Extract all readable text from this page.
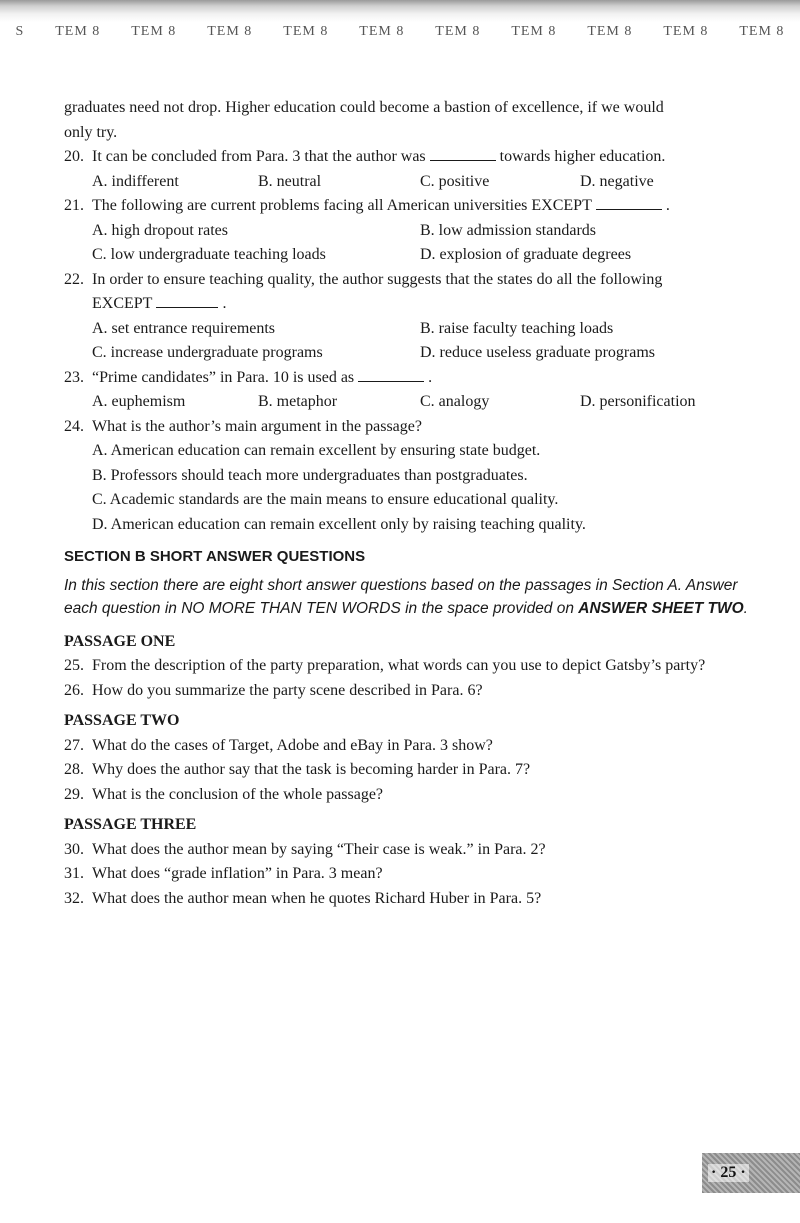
S TEM 8 TEM 8 TEM 8 TEM 8 TEM 8 TEM 8 TEM 8 TEM 8 TEM 8 TEM 8

graduates need not drop. Higher education could become a bastion of excellence, if we would

only try.

20. It can be concluded from Para. 3 that the author was	towards higher education.
A. indifferent	B. neutral	C. positive	D. negative
21. The following are current problems facing all American universities EXCEPT	.
A. high dropout rates	B. low admission standards
C. low undergraduate teaching loads	D. explosion of graduate degrees
22. In order to ensure teaching quality, the author suggests that the states do all the following
EXCEPT	.
A. set entrance requirements	B. raise faculty teaching loads
C. increase undergraduate programs	D. reduce useless graduate programs
23. “Prime candidates” in Para. 10 is used as	.
A. euphemism	B. metaphor	C. analogy	D. personification
24. What is the author’s main argument in the passage?
A. American education can remain excellent by ensuring state budget.
B. Professors should teach more undergraduates than postgraduates.
C. Academic standards are the main means to ensure educational quality.
D. American education can remain excellent only by raising teaching quality.
SECTION B SHORT ANSWER QUESTIONS
In this section there are eight short answer questions based on the passages in Section A. Answer each question in NO MORE THAN TEN WORDS in the space provided on ANSWER SHEET TWO.
PASSAGE ONE
25. From the description of the party preparation, what words can you use to depict Gatsby’s party?
26. How do you summarize the party scene described in Para. 6?
PASSAGE TWO
27. What do the cases of Target, Adobe and eBay in Para. 3 show?
28. Why does the author say that the task is becoming harder in Para. 7?
29. What is the conclusion of the whole passage?
PASSAGE THREE
30. What does the author mean by saying “Their case is weak.” in Para. 2?
31. What does “grade inflation” in Para. 3 mean?
32. What does the author mean when he quotes Richard Huber in Para. 5?
· 25 ·
